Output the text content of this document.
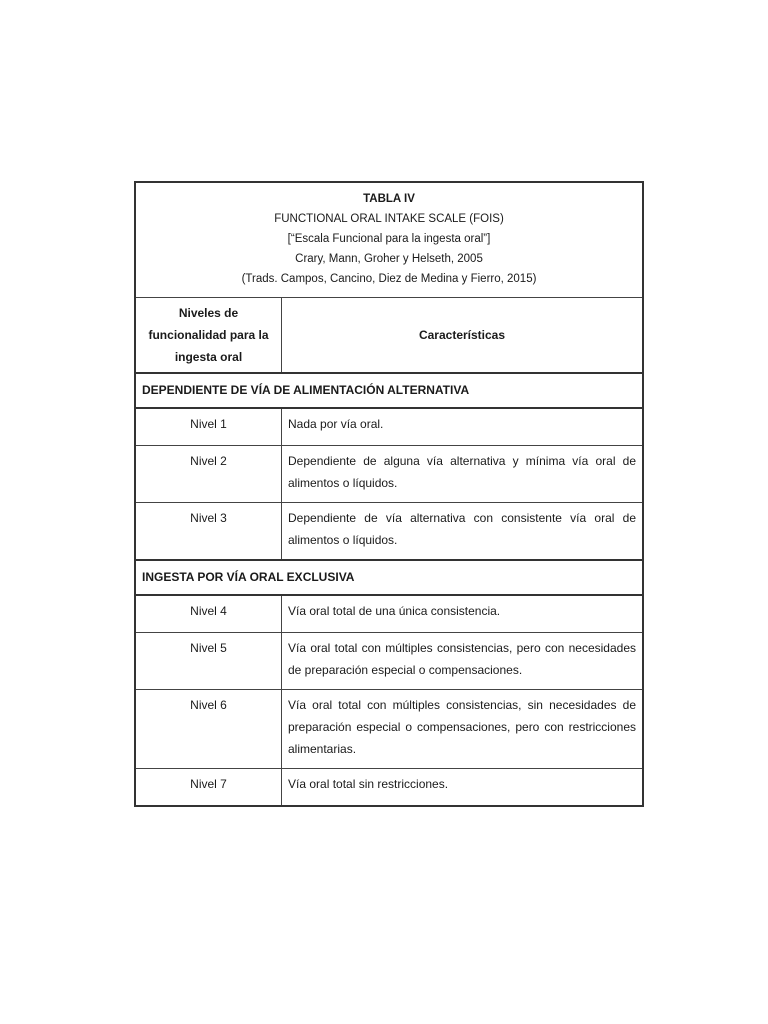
TABLA IV
FUNCTIONAL ORAL INTAKE SCALE (FOIS)
[“Escala Funcional para la ingesta oral”]
Crary, Mann, Groher y Helseth, 2005
(Trads. Campos, Cancino, Diez de Medina y Fierro, 2015)	

Niveles de funcionalidad para la ingesta oral	Características
DEPENDIENTE DE VÍA DE ALIMENTACIÓN ALTERNATIVA	
Nivel 1	Nada por vía oral.
Nivel 2	Dependiente de alguna vía alternativa y mínima vía oral de alimentos o líquidos.
Nivel 3	Dependiente de vía alternativa con consistente vía oral de alimentos o líquidos.
INGESTA POR VÍA ORAL EXCLUSIVA	
Nivel 4	Vía oral total de una única consistencia.
Nivel 5	Vía oral total con múltiples consistencias, pero con necesidades de preparación especial o compensaciones.
Nivel 6	Vía oral total con múltiples consistencias, sin necesidades de preparación especial o compensaciones, pero con restricciones alimentarias.
Nivel 7	Vía oral total sin restricciones.
